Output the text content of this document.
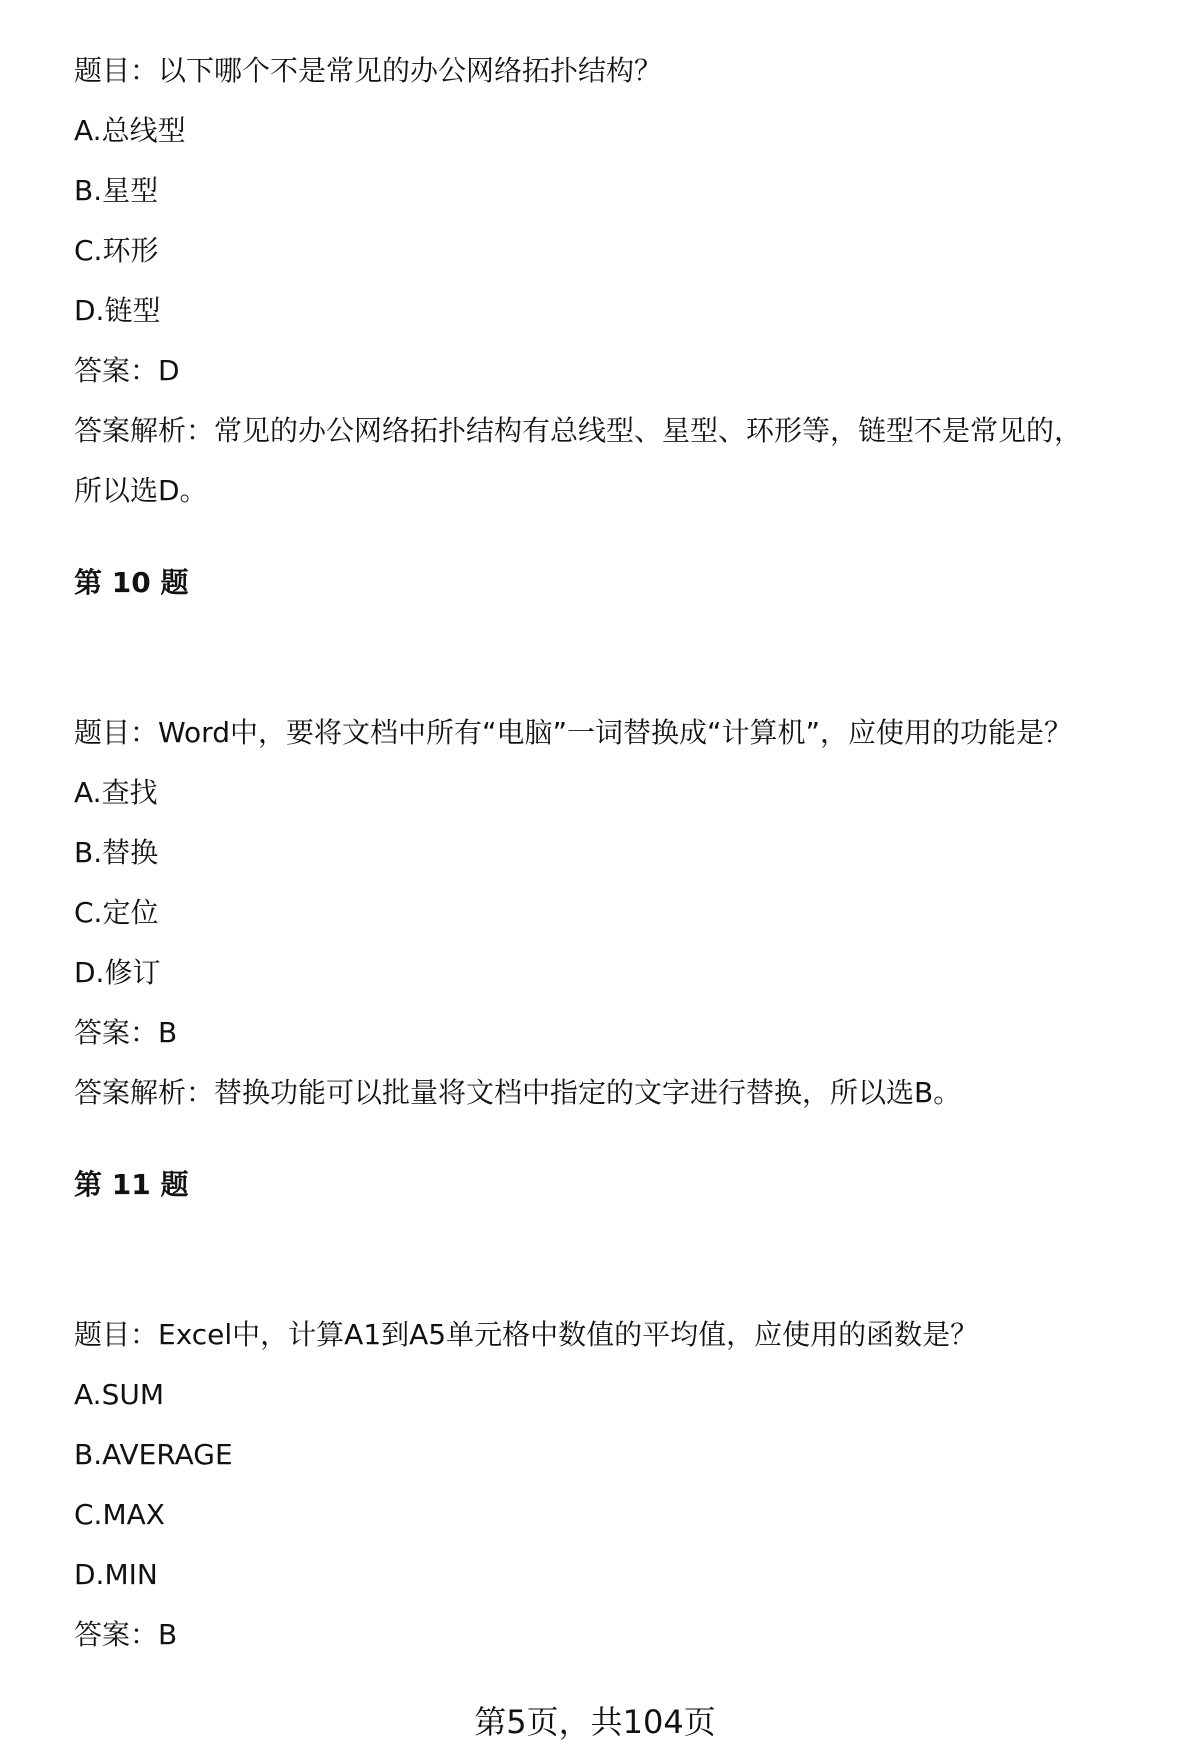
题目：以下哪个不是常见的办公网络拓扑结构？
A.总线型
B.星型
C.环形
D.链型
答案：D
答案解析：常见的办公网络拓扑结构有总线型、星型、环形等，链型不是常见的，
所以选D。
第 10 题
题目：Word中，要将文档中所有“电脑”一词替换成“计算机”，应使用的功能是？
A.查找
B.替换
C.定位
D.修订
答案：B
答案解析：替换功能可以批量将文档中指定的文字进行替换，所以选B。
第 11 题
题目：Excel中，计算A1到A5单元格中数值的平均值，应使用的函数是？
A.SUM
B.AVERAGE
C.MAX
D.MIN
答案：B
第5页，共104页
